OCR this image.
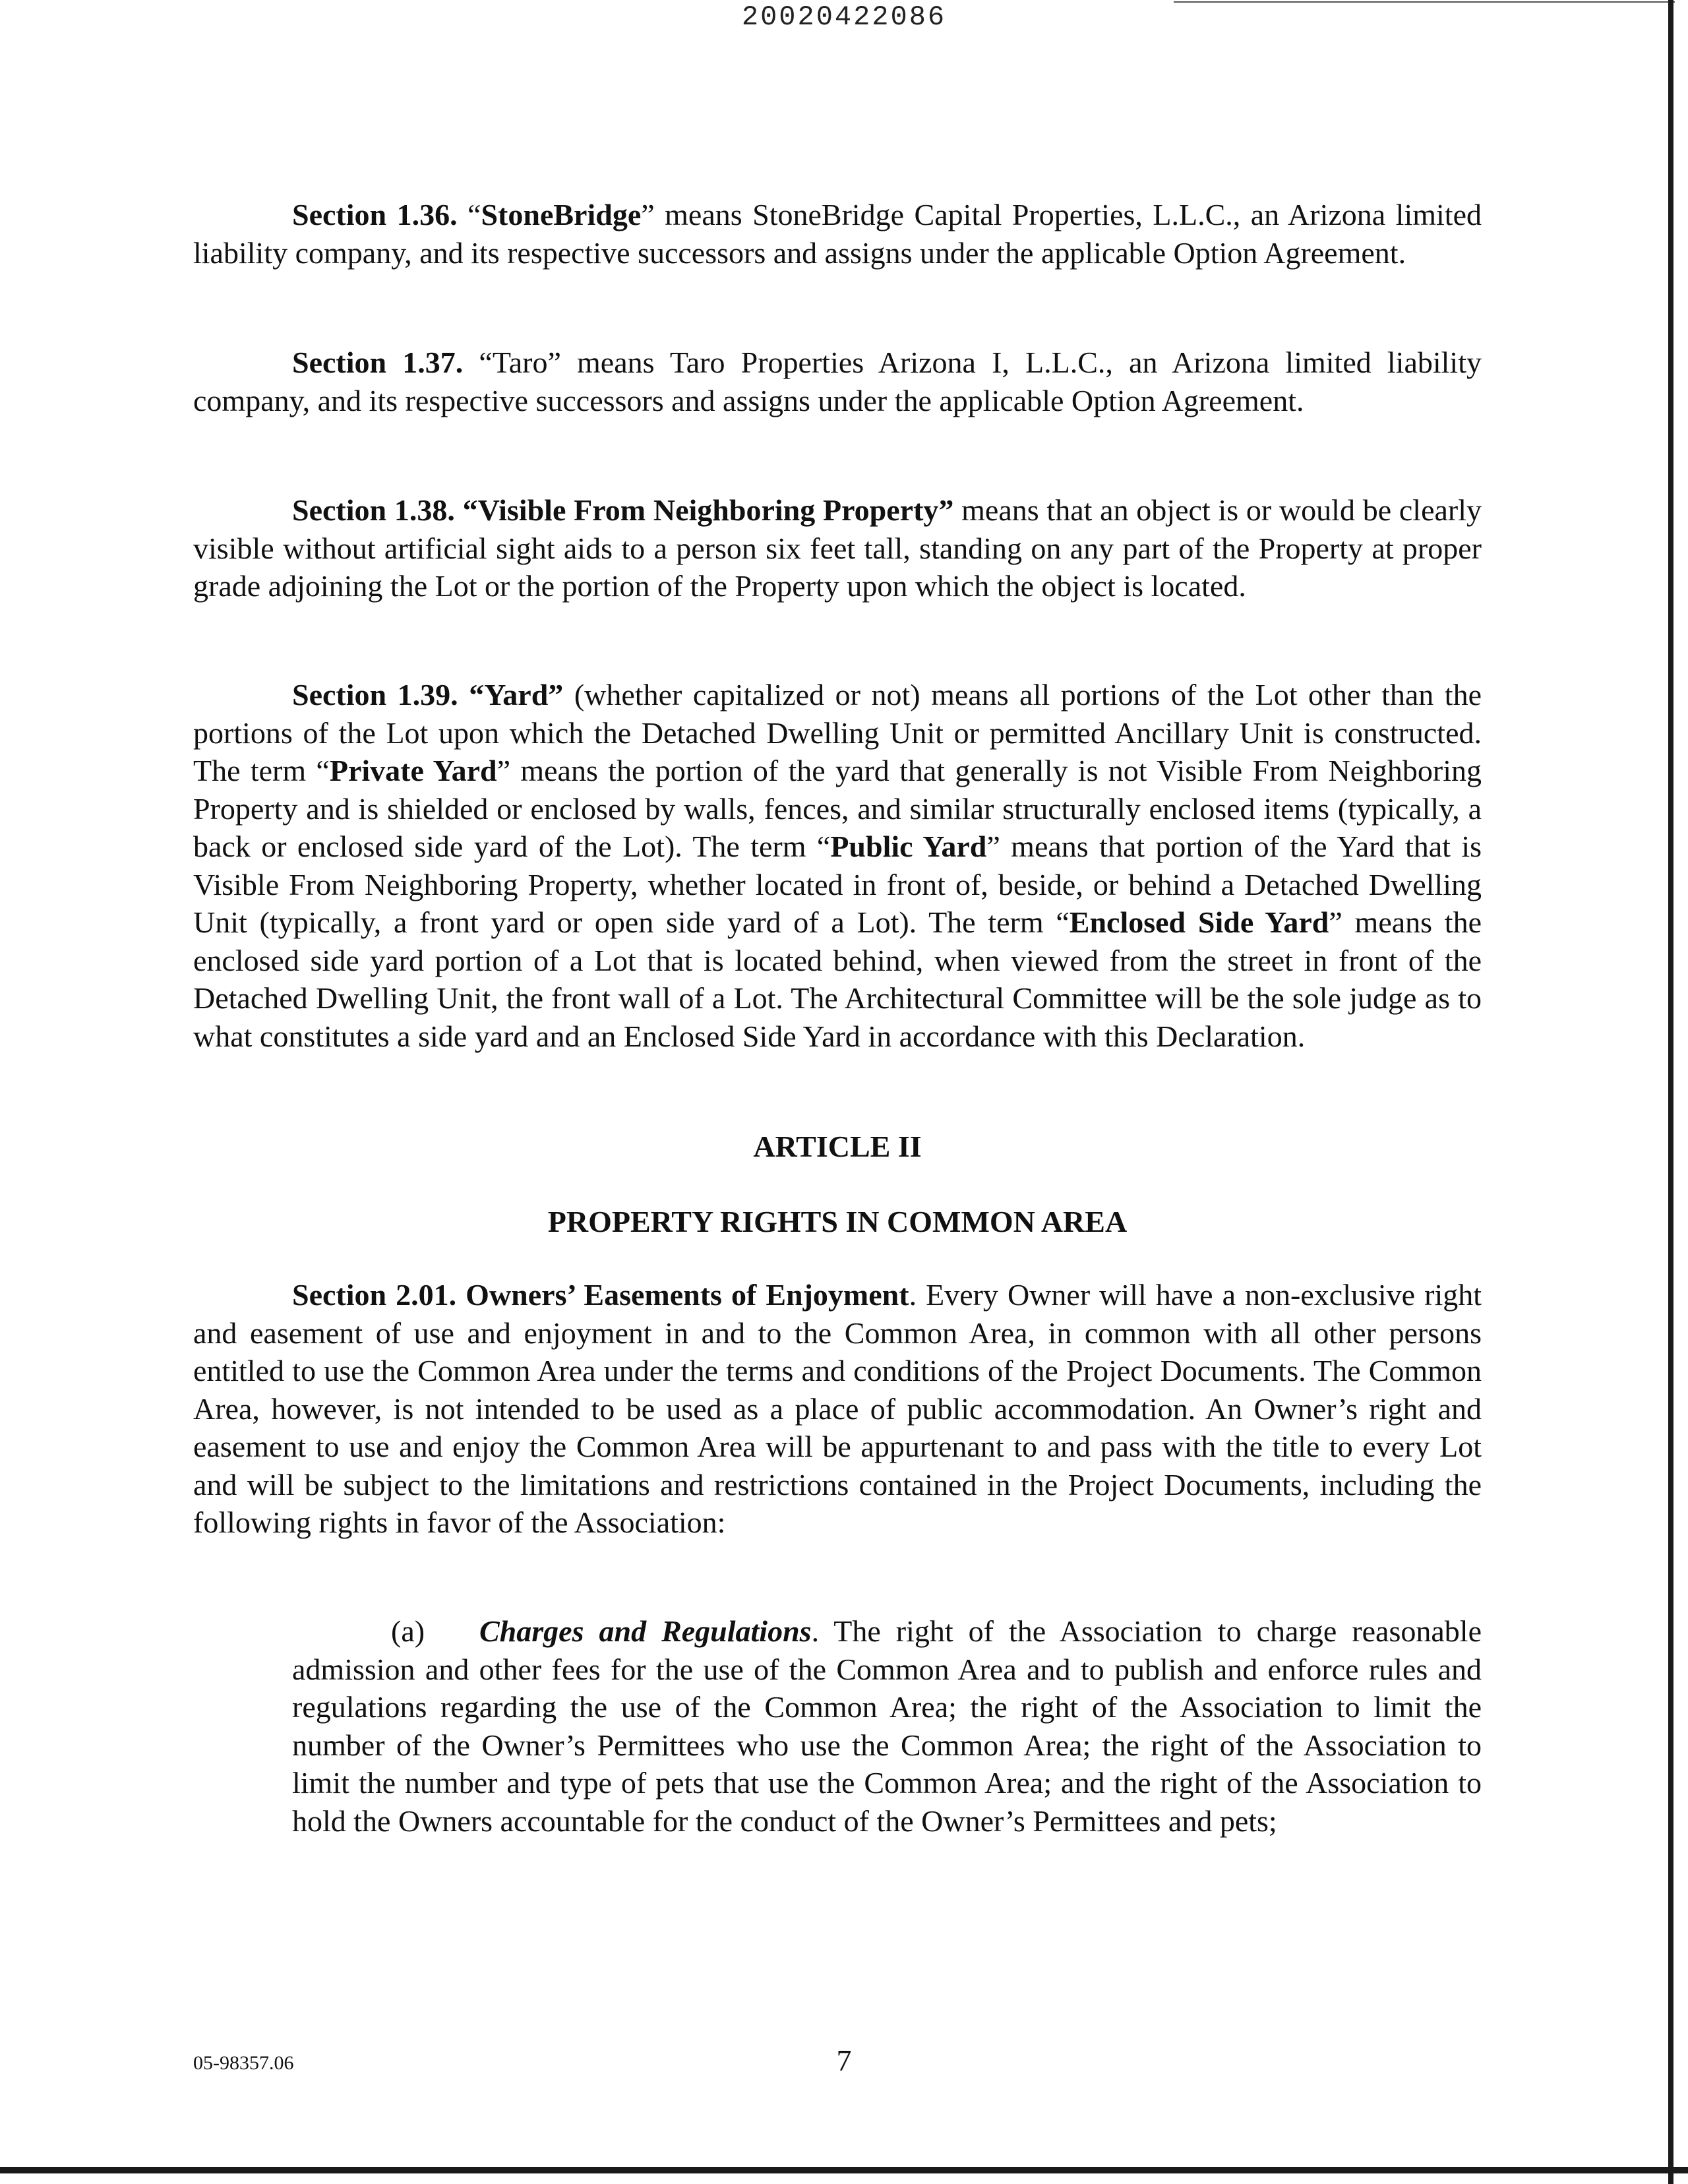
20020422086

Section 1.36. “StoneBridge” means StoneBridge Capital Properties, L.L.C., an Arizona limited liability company, and its respective successors and assigns under the applicable Option Agreement.

Section 1.37. “Taro” means Taro Properties Arizona I, L.L.C., an Arizona limited liability company, and its respective successors and assigns under the applicable Option Agreement.

Section 1.38. “Visible From Neighboring Property” means that an object is or would be clearly visible without artificial sight aids to a person six feet tall, standing on any part of the Property at proper grade adjoining the Lot or the portion of the Property upon which the object is located.

Section 1.39. “Yard” (whether capitalized or not) means all portions of the Lot other than the portions of the Lot upon which the Detached Dwelling Unit or permitted Ancillary Unit is constructed. The term “Private Yard” means the portion of the yard that generally is not Visible From Neighboring Property and is shielded or enclosed by walls, fences, and similar structurally enclosed items (typically, a back or enclosed side yard of the Lot). The term “Public Yard” means that portion of the Yard that is Visible From Neighboring Property, whether located in front of, beside, or behind a Detached Dwelling Unit (typically, a front yard or open side yard of a Lot). The term “Enclosed Side Yard” means the enclosed side yard portion of a Lot that is located behind, when viewed from the street in front of the Detached Dwelling Unit, the front wall of a Lot. The Architectural Committee will be the sole judge as to what constitutes a side yard and an Enclosed Side Yard in accordance with this Declaration.

ARTICLE II
PROPERTY RIGHTS IN COMMON AREA

Section 2.01. Owners’ Easements of Enjoyment. Every Owner will have a non-exclusive right and easement of use and enjoyment in and to the Common Area, in common with all other persons entitled to use the Common Area under the terms and conditions of the Project Documents. The Common Area, however, is not intended to be used as a place of public accommodation. An Owner’s right and easement to use and enjoy the Common Area will be appurtenant to and pass with the title to every Lot and will be subject to the limitations and restrictions contained in the Project Documents, including the following rights in favor of the Association:

(a) Charges and Regulations. The right of the Association to charge reasonable admission and other fees for the use of the Common Area and to publish and enforce rules and regulations regarding the use of the Common Area; the right of the Association to limit the number of the Owner’s Permittees who use the Common Area; the right of the Association to limit the number and type of pets that use the Common Area; and the right of the Association to hold the Owners accountable for the conduct of the Owner’s Permittees and pets;

05-98357.06	7
